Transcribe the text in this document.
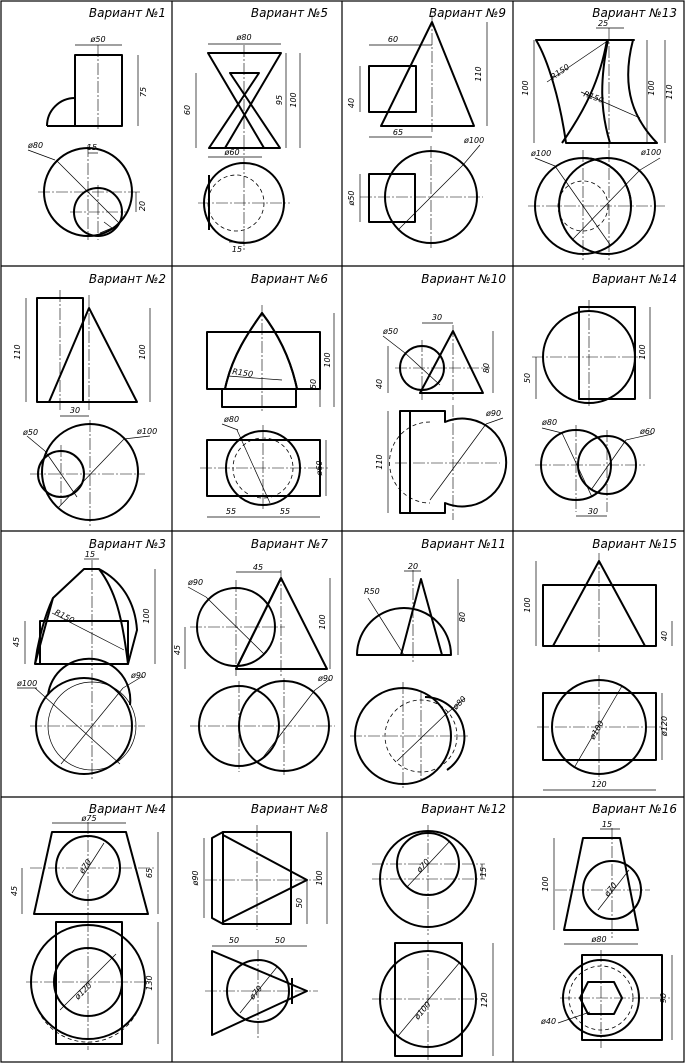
Вариант №1
ø50
75
ø80	15
20
Вариант №5
ø80
60
95 100
ø60
15
Вариант №9
60
40
110
65
ø100
ø50
Вариант №13
25
100
R150
R150
100 110
ø100	ø100
Вариант №2
110	100
30
ø50	ø100
Вариант №6
R150
100
50
ø80
ø60
55	55
Вариант №10
ø50
30
40
80
ø90
110
Вариант №14
100
50
ø80
ø60
30
Вариант №3
15
R150	100
45
ø100
ø90
Вариант №7
45
ø90
100
45
ø90
Вариант №11
20
R50
80
ø80
Вариант №15
100
40
ø100	ø120
120
Вариант №4
ø75
ø70
45
65
ø120	130
Вариант №8
ø90	100
50
50	50
ø70
Вариант №12
ø70	15
ø100
120
Вариант №16
15
100	ø70
ø80
90
ø40
